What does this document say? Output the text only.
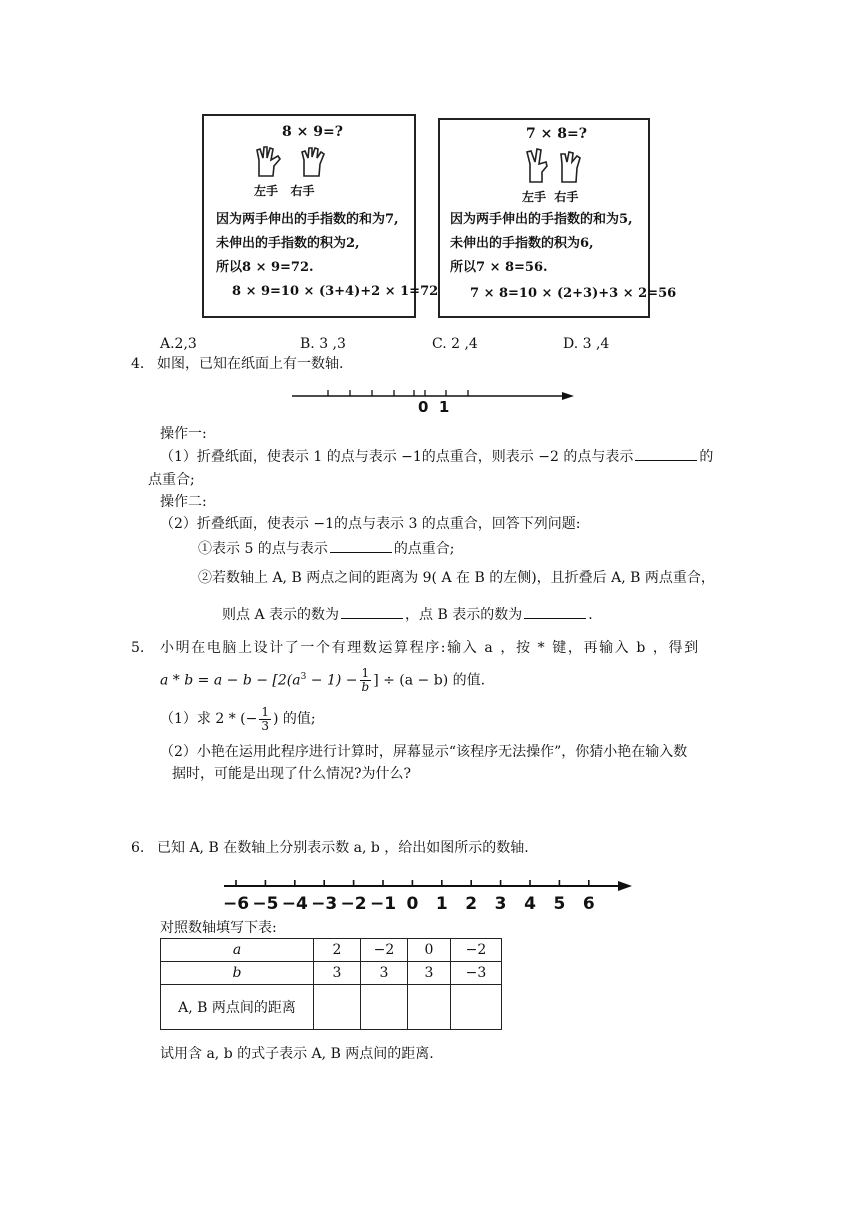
8 × 9=?
左手   右手
因为两手伸出的手指数的和为7,
未伸出的手指数的积为2,
所以8 × 9=72.
8 × 9=10 × (3+4)+2 × 1=72
7 × 8=?
左手  右手
因为两手伸出的手指数的和为5,
未伸出的手指数的积为6,
所以7 × 8=56.
7 × 8=10 × (2+3)+3 × 2=56
A.2,3	B. 3 ,3	C. 2 ,4	D. 3 ,4
4. 如图，已知在纸面上有一数轴.
0  1
操作一:
（1）折叠纸面，使表示 1 的点与表示 −1的点重合，则表示 −2 的点与表示	的
点重合;
操作二:
（2）折叠纸面，使表示 −1的点与表示 3 的点重合，回答下列问题:
①表示 5 的点与表示	的点重合;
②若数轴上 A, B 两点之间的距离为 9( A 在 B 的左侧)，且折叠后 A, B 两点重合，
则点 A 表示的数为	，点 B 表示的数为	.
5. 小明在电脑上设计了一个有理数运算程序:输入 a ，按 * 键，再输入 b ，得到
$a * b = a - b - [2(a^3 - 1) - \frac{1}{b}$ ] ÷ (a − b) 的值.
（1）求 2 * (− $\frac{1}{3}$ ) 的值;
（2）小艳在运用此程序进行计算时，屏幕显示“该程序无法操作”，你猜小艳在输入数
据时，可能是出现了什么情况?为什么?
6. 已知 A, B 在数轴上分别表示数 a, b ，给出如图所示的数轴.
−6 −5 −4 −3 −2 −1 0 1 2 3 4 5 6
对照数轴填写下表:
a	2	−2	0	−2
b	3	3	3	−3
A, B 两点间的距离				
试用含 a, b 的式子表示 A, B 两点间的距离.
